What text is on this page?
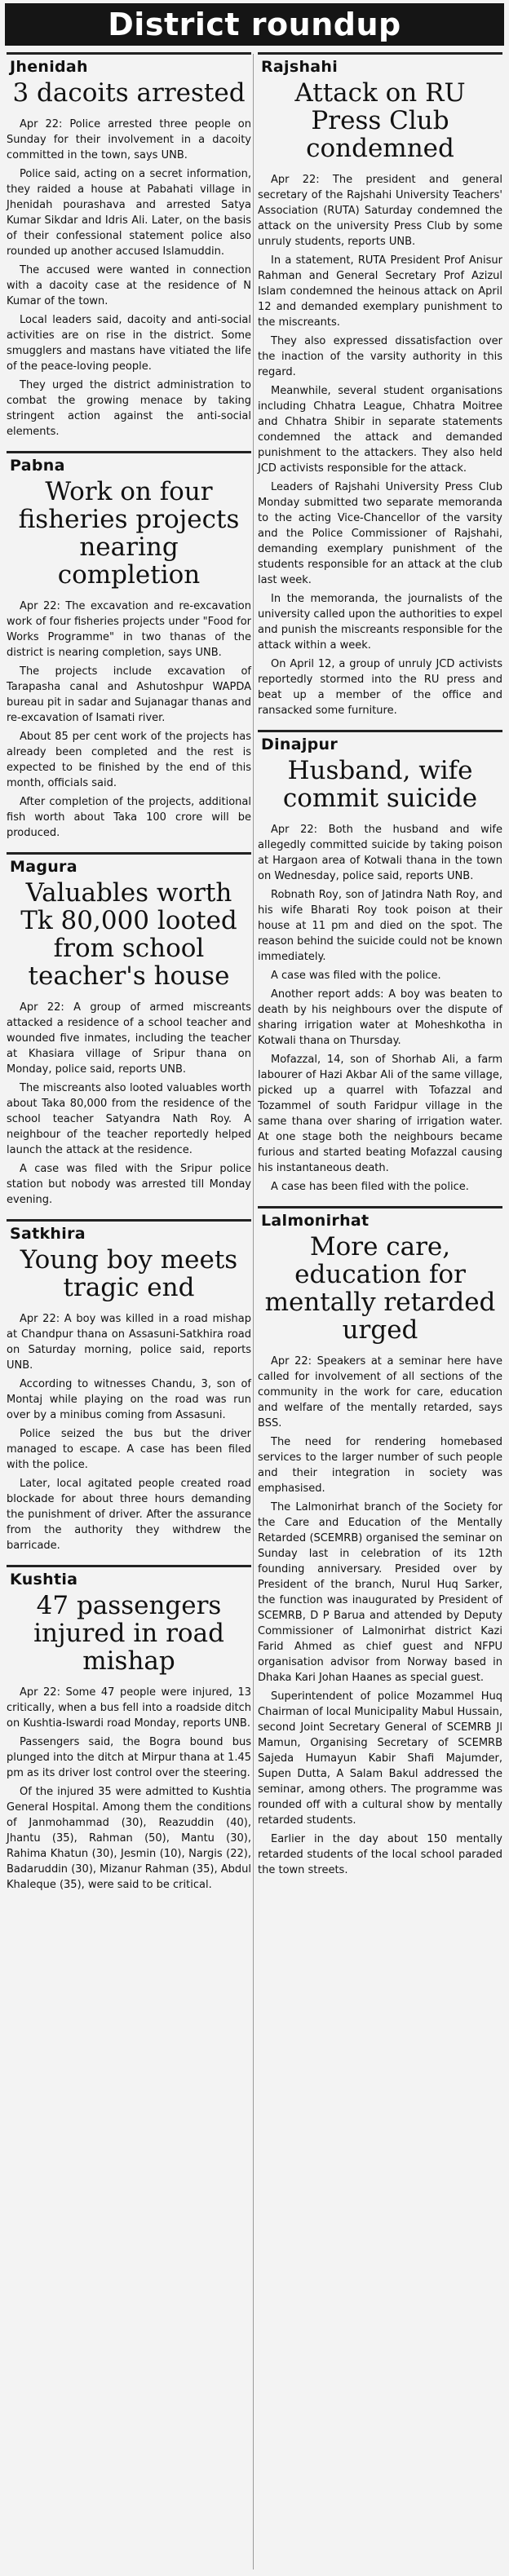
District roundup
Jhenidah
3 dacoits arrested

Apr 22: Police arrested three people on Sunday for their involvement in a dacoity committed in the town, says UNB.

Police said, acting on a secret information, they raided a house at Pabahati village in Jhenidah pourashava and arrested Satya Kumar Sikdar and Idris Ali. Later, on the basis of their confessional statement police also rounded up another accused Islamuddin.

The accused were wanted in connection with a dacoity case at the residence of N Kumar of the town.

Local leaders said, dacoity and anti-social activities are on rise in the district. Some smugglers and mastans have vitiated the life of the peace-loving people.

They urged the district administration to combat the growing menace by taking stringent action against the anti-social elements.

Pabna
Work on four fisheries projects nearing completion

Apr 22: The excavation and re-excavation work of four fisheries projects under "Food for Works Programme" in two thanas of the district is nearing completion, says UNB.

The projects include excavation of Tarapasha canal and Ashutoshpur WAPDA bureau pit in sadar and Sujanagar thanas and re-excavation of Isamati river.

About 85 per cent work of the projects has already been completed and the rest is expected to be finished by the end of this month, officials said.

After completion of the projects, additional fish worth about Taka 100 crore will be produced.

Magura
Valuables worth Tk 80,000 looted from school teacher's house

Apr 22: A group of armed miscreants attacked a residence of a school teacher and wounded five inmates, including the teacher at Khasiara village of Sripur thana on Monday, police said, reports UNB.

The miscreants also looted valuables worth about Taka 80,000 from the residence of the school teacher Satyandra Nath Roy. A neighbour of the teacher reportedly helped launch the attack at the residence.

A case was filed with the Sripur police station but nobody was arrested till Monday evening.

Satkhira
Young boy meets tragic end

Apr 22: A boy was killed in a road mishap at Chandpur thana on Assasuni-Satkhira road on Saturday morning, police said, reports UNB.

According to witnesses Chandu, 3, son of Montaj while playing on the road was run over by a minibus coming from Assasuni.

Police seized the bus but the driver managed to escape. A case has been filed with the police.

Later, local agitated people created road blockade for about three hours demanding the punishment of driver. After the assurance from the authority they withdrew the barricade.

Kushtia
47 passengers injured in road mishap

Apr 22: Some 47 people were injured, 13 critically, when a bus fell into a roadside ditch on Kushtia-Iswardi road Monday, reports UNB.

Passengers said, the Bogra bound bus plunged into the ditch at Mirpur thana at 1.45 pm as its driver lost control over the steering.

Of the injured 35 were admitted to Kushtia General Hospital. Among them the conditions of Janmohammad (30), Reazuddin (40), Jhantu (35), Rahman (50), Mantu (30), Rahima Khatun (30), Jesmin (10), Nargis (22), Badaruddin (30), Mizanur Rahman (35), Abdul Khaleque (35), were said to be critical.

Rajshahi
Attack on RU Press Club condemned

Apr 22: The president and general secretary of the Rajshahi University Teachers' Association (RUTA) Saturday condemned the attack on the university Press Club by some unruly students, reports UNB.

In a statement, RUTA President Prof Anisur Rahman and General Secretary Prof Azizul Islam condemned the heinous attack on April 12 and demanded exemplary punishment to the miscreants.

They also expressed dissatisfaction over the inaction of the varsity authority in this regard.

Meanwhile, several student organisations including Chhatra League, Chhatra Moitree and Chhatra Shibir in separate statements condemned the attack and demanded punishment to the attackers. They also held JCD activists responsible for the attack.

Leaders of Rajshahi University Press Club Monday submitted two separate memoranda to the acting Vice-Chancellor of the varsity and the Police Commissioner of Rajshahi, demanding exemplary punishment of the students responsible for an attack at the club last week.

In the memoranda, the journalists of the university called upon the authorities to expel and punish the miscreants responsible for the attack within a week.

On April 12, a group of unruly JCD activists reportedly stormed into the RU press and beat up a member of the office and ransacked some furniture.

Dinajpur
Husband, wife commit suicide

Apr 22: Both the husband and wife allegedly committed suicide by taking poison at Hargaon area of Kotwali thana in the town on Wednesday, police said, reports UNB.

Robnath Roy, son of Jatindra Nath Roy, and his wife Bharati Roy took poison at their house at 11 pm and died on the spot. The reason behind the suicide could not be known immediately.

A case was filed with the police.

Another report adds: A boy was beaten to death by his neighbours over the dispute of sharing irrigation water at Moheshkotha in Kotwali thana on Thursday.

Mofazzal, 14, son of Shorhab Ali, a farm labourer of Hazi Akbar Ali of the same village, picked up a quarrel with Tofazzal and Tozammel of south Faridpur village in the same thana over sharing of irrigation water. At one stage both the neighbours became furious and started beating Mofazzal causing his instantaneous death.

A case has been filed with the police.

Lalmonirhat
More care, education for mentally retarded urged

Apr 22: Speakers at a seminar here have called for involvement of all sections of the community in the work for care, education and welfare of the mentally retarded, says BSS.

The need for rendering homebased services to the larger number of such people and their integration in society was emphasised.

The Lalmonirhat branch of the Society for the Care and Education of the Mentally Retarded (SCEMRB) organised the seminar on Sunday last in celebration of its 12th founding anniversary. Presided over by President of the branch, Nurul Huq Sarker, the function was inaugurated by President of SCEMRB, D P Barua and attended by Deputy Commissioner of Lalmonirhat district Kazi Farid Ahmed as chief guest and NFPU organisation advisor from Norway based in Dhaka Kari Johan Haanes as special guest.

Superintendent of police Mozammel Huq Chairman of local Municipality Mabul Hussain, second Joint Secretary General of SCEMRB Jl Mamun, Organising Secretary of SCEMRB Sajeda Humayun Kabir Shafi Majumder, Supen Dutta, A Salam Bakul addressed the seminar, among others. The programme was rounded off with a cultural show by mentally retarded students.

Earlier in the day about 150 mentally retarded students of the local school paraded the town streets.
